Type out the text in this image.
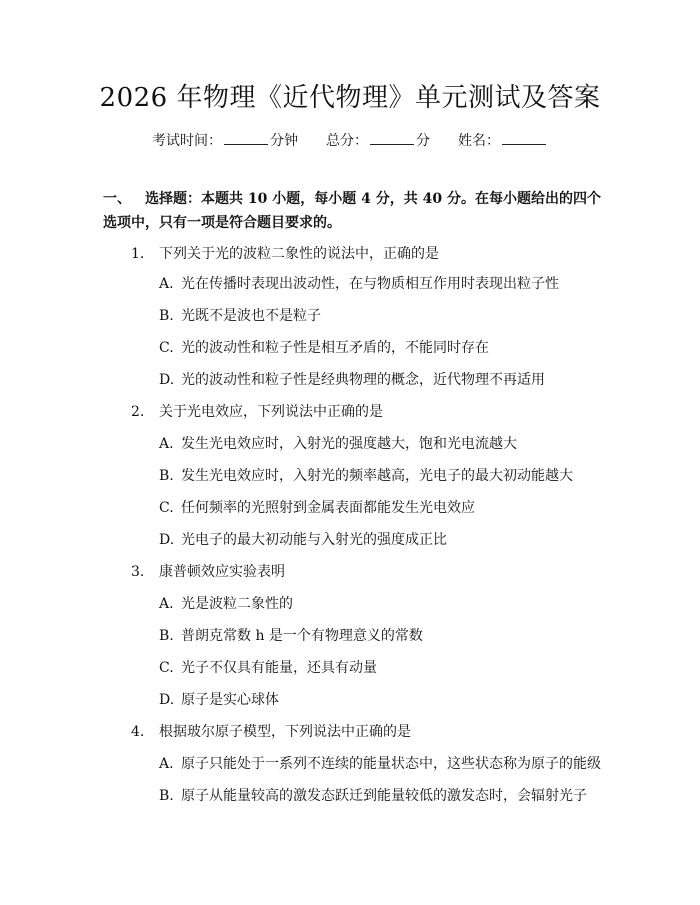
2026 年物理《近代物理》单元测试及答案
考试时间：	分钟 总分：	分 姓名：
一、 选择题：本题共 10 小题，每小题 4 分，共 40 分。在每小题给出的四个选项中，只有一项是符合题目要求的。
1. 下列关于光的波粒二象性的说法中，正确的是
A. 光在传播时表现出波动性，在与物质相互作用时表现出粒子性
B. 光既不是波也不是粒子
C. 光的波动性和粒子性是相互矛盾的，不能同时存在
D. 光的波动性和粒子性是经典物理的概念，近代物理不再适用
2. 关于光电效应，下列说法中正确的是
A. 发生光电效应时，入射光的强度越大，饱和光电流越大
B. 发生光电效应时，入射光的频率越高，光电子的最大初动能越大
C. 任何频率的光照射到金属表面都能发生光电效应
D. 光电子的最大初动能与入射光的强度成正比
3. 康普顿效应实验表明
A. 光是波粒二象性的
B. 普朗克常数 h 是一个有物理意义的常数
C. 光子不仅具有能量，还具有动量
D. 原子是实心球体
4. 根据玻尔原子模型，下列说法中正确的是
A. 原子只能处于一系列不连续的能量状态中，这些状态称为原子的能级
B. 原子从能量较高的激发态跃迁到能量较低的激发态时，会辐射光子
